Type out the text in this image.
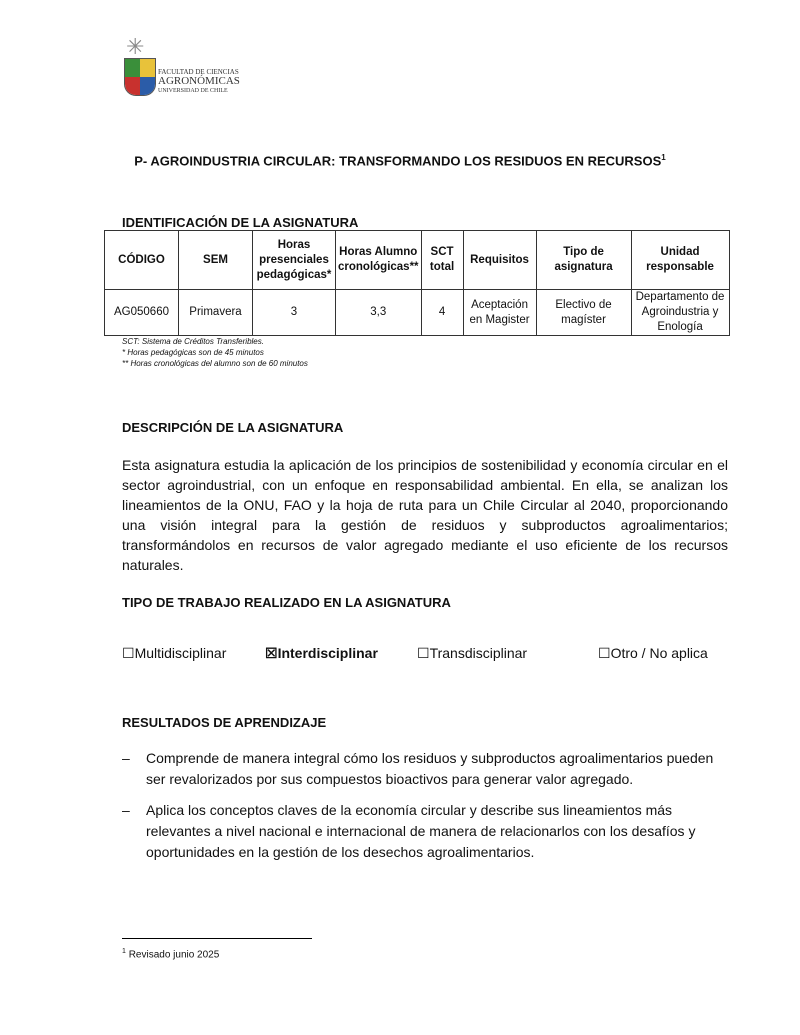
✳
FACULTAD DE CIENCIAS
AGRONÓMICAS
UNIVERSIDAD DE CHILE
P- AGROINDUSTRIA CIRCULAR: TRANSFORMANDO LOS RESIDUOS EN RECURSOS$^1$
IDENTIFICACIÓN DE LA ASIGNATURA
CÓDIGO	SEM	Horas presenciales pedagógicas*	Horas Alumno cronológicas**	SCT total	Requisitos	Tipo de asignatura	Unidad responsable
AG050660	Primavera	3	3,3	4	Aceptación en Magister	Electivo de magíster	Departamento de Agroindustria y Enología
SCT: Sistema de Créditos Transferibles.
* Horas pedagógicas son de 45 minutos
** Horas cronológicas del alumno son de 60 minutos
DESCRIPCIÓN DE LA ASIGNATURA

Esta asignatura estudia la aplicación de los principios de sostenibilidad y economía circular en el sector agroindustrial, con un enfoque en responsabilidad ambiental. En ella, se analizan los lineamientos de la ONU, FAO y la hoja de ruta para un Chile Circular al 2040, proporcionando una visión integral para la gestión de residuos y subproductos agroalimentarios; transformándolos en recursos de valor agregado mediante el uso eficiente de los recursos naturales.

TIPO DE TRABAJO REALIZADO EN LA ASIGNATURA
☐Multidisciplinar	☒Interdisciplinar	☐Transdisciplinar	☐Otro / No aplica
RESULTADOS DE APRENDIZAJE
– Comprende de manera integral cómo los residuos y subproductos agroalimentarios pueden ser revalorizados por sus compuestos bioactivos para generar valor agregado.
– Aplica los conceptos claves de la economía circular y describe sus lineamientos más relevantes a nivel nacional e internacional de manera de relacionarlos con los desafíos y oportunidades en la gestión de los desechos agroalimentarios.
$^1$ Revisado junio 2025
